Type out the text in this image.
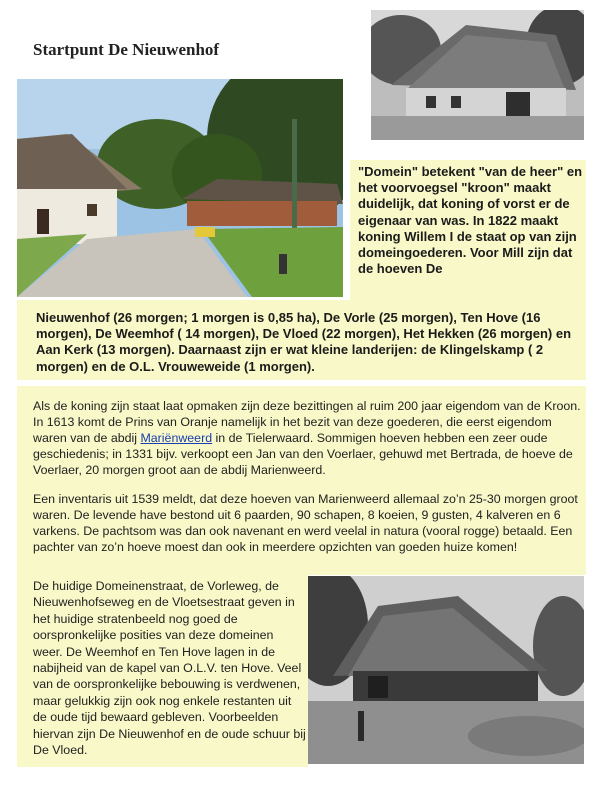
Startpunt De Nieuwenhof

"Domein" betekent "van de heer" en het voorvoegsel "kroon" maakt duidelijk, dat koning of vorst er de eigenaar van was. In 1822 maakt koning Willem I de staat op van zijn domeingoederen. Voor Mill zijn dat de hoeven De

Nieuwenhof (26 morgen; 1 morgen is 0,85 ha), De Vorle (25 morgen), Ten Hove (16 morgen), De Weemhof ( 14 morgen), De Vloed (22 morgen), Het Hekken (26 morgen) en Aan Kerk (13 morgen). Daarnaast zijn er wat kleine landerijen: de Klingelskamp ( 2 morgen) en de O.L. Vrouweweide (1 morgen).

Als de koning zijn staat laat opmaken zijn deze bezittingen al ruim 200 jaar eigendom van de Kroon. In 1613 komt de Prins van Oranje namelijk in het bezit van deze goederen, die eerst eigendom waren van de abdij Mariënweerd in de Tielerwaard. Sommigen hoeven hebben een zeer oude geschiedenis; in 1331 bijv. verkoopt een Jan van den Voerlaer, gehuwd met Bertrada, de hoeve de Voerlaer, 20 morgen groot aan de abdij Marienweerd.

Een inventaris uit 1539 meldt, dat deze hoeven van Marienweerd allemaal zo’n 25-30 morgen groot waren. De levende have bestond uit 6 paarden, 90 schapen, 8 koeien, 9 gusten, 4 kalveren en 6 varkens. De pachtsom was dan ook navenant en werd veelal in natura (vooral rogge) betaald. Een pachter van zo’n hoeve moest dan ook in meerdere opzichten van goeden huize komen!

De huidige Domeinenstraat, de Vorleweg, de Nieuwenhofseweg en de Vloetsestraat geven in het huidige stratenbeeld nog goed de oorspronkelijke posities van deze domeinen weer. De Weemhof en Ten Hove lagen in de nabijheid van de kapel van O.L.V. ten Hove. Veel van de oorspronkelijke bebouwing is verdwenen, maar gelukkig zijn ook nog enkele restanten uit de oude tijd bewaard gebleven. Voorbeelden hiervan zijn De Nieuwenhof en de oude schuur bij De Vloed.
